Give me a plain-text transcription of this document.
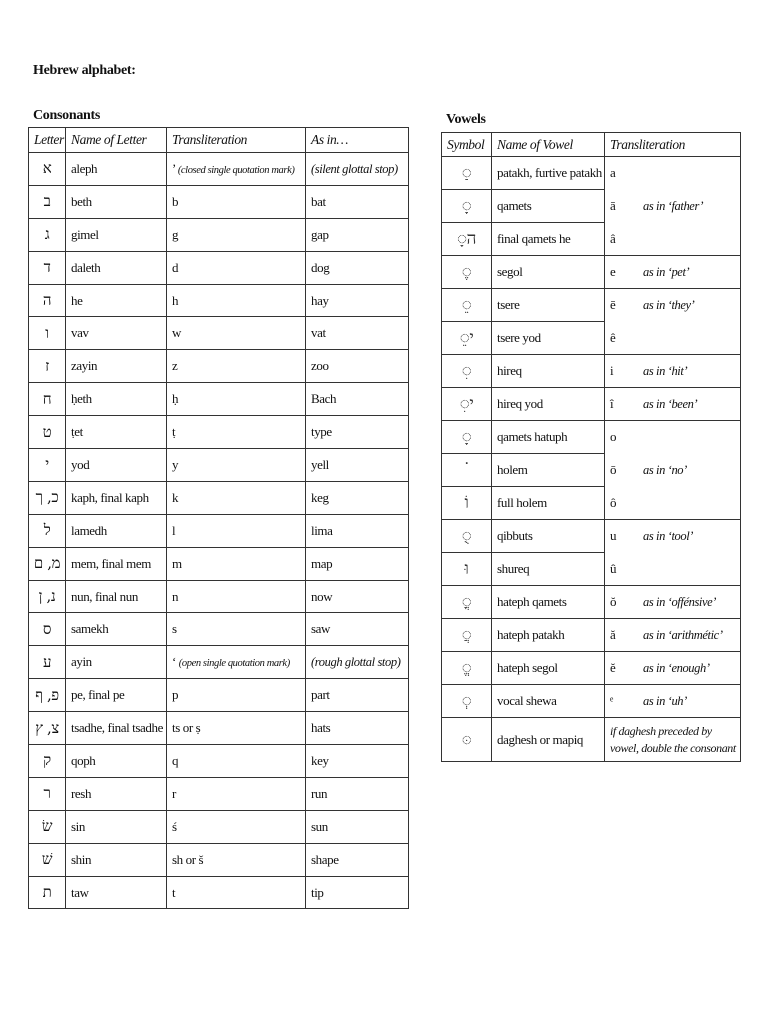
Hebrew alphabet:
Consonants	Vowels
Letter	Name of Letter	Transliteration	As in…
א	aleph	’ (closed single quotation mark)	(silent glottal stop)
ב	beth	b	bat
ג	gimel	g	gap
ד	daleth	d	dog
ה	he	h	hay
ו	vav	w	vat
ז	zayin	z	zoo
ח	ḥeth	ḥ	Bach
ט	ṭet	ṭ	type
י	yod	y	yell
כ, ך	kaph, final kaph	k	keg
ל	lamedh	l	lima
מ, ם	mem, final mem	m	map
נ, ן	nun, final nun	n	now
ס	samekh	s	saw
ע	ayin	‘ (open single quotation mark)	(rough glottal stop)
פ, ף	pe, final pe	p	part
צ, ץ	tsadhe, final tsadhe	ts or ṣ	hats
ק	qoph	q	key
ר	resh	r	run
שׂ	sin	ś	sun
שׁ	shin	sh or š	shape
ת	taw	t	tip
Symbol	Name of Vowel	Transliteration
◌ַ	patakh, furtive patakh	a

◌ָ	qamets	ā as in ‘father’

◌ָה	final qamets he	â

◌ֶ	segol	e as in ‘pet’

◌ֵ	tsere	ē as in ‘they’

◌ֵי	tsere yod	ê

◌ִ	hireq	i as in ‘hit’

◌ִי	hireq yod	î as in ‘been’

◌ָ	qamets hatuph	o

˙	holem	ō as in ‘no’

וֹ	full holem	ô

◌ֻ	qibbuts	u as in ‘tool’

וּ	shureq	û

◌ֳ	hateph qamets	ŏ as in ‘offénsive’

◌ֲ	hateph patakh	ă as in ‘arithmétic’

◌ֱ	hateph segol	ĕ as in ‘enough’

◌ְ	vocal shewa	ᵉ as in ‘uh’

◌ּ	daghesh or mapiq	if daghesh preceded by vowel, double the consonant
